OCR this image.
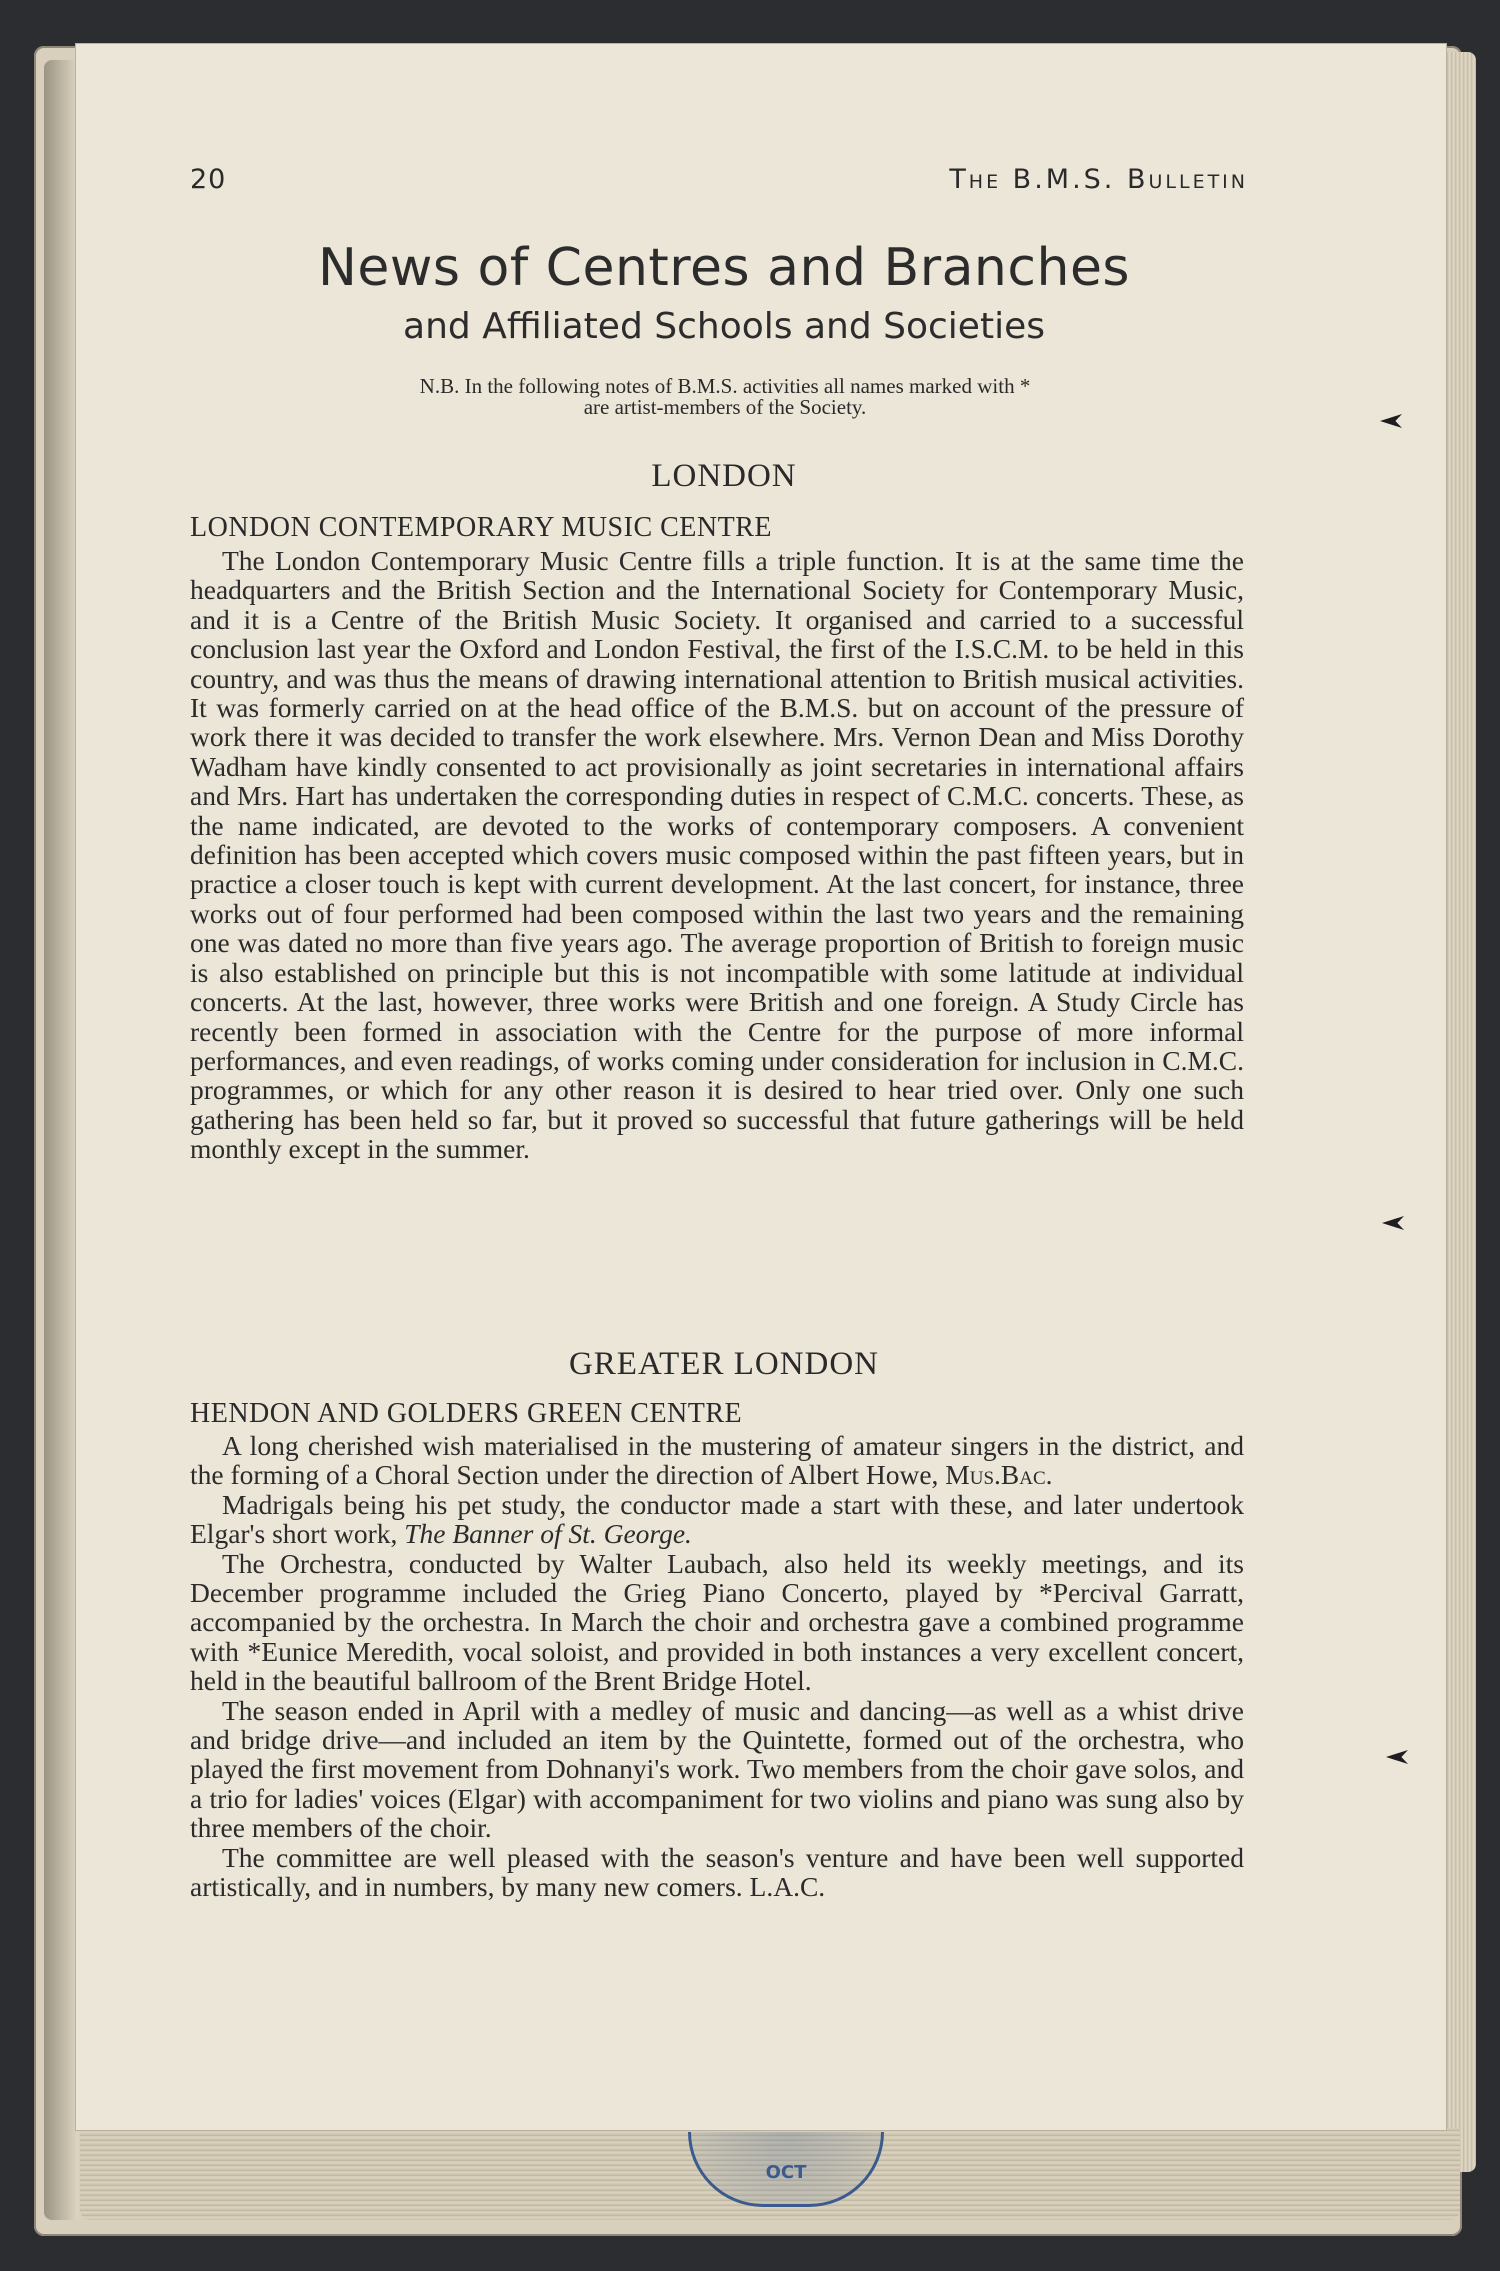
OCT
20	The B.M.S. Bulletin
News of Centres and Branches
and Affiliated Schools and Societies
N.B. In the following notes of B.M.S. activities all names marked with *
are artist-members of the Society.
LONDON
LONDON CONTEMPORARY MUSIC CENTRE

The London Contemporary Music Centre fills a triple function. It is at the same time the headquarters and the British Section and the International Society for Contemporary Music, and it is a Centre of the British Music Society. It organised and carried to a successful conclusion last year the Oxford and London Festival, the first of the I.S.C.M. to be held in this country, and was thus the means of drawing international attention to British musical activities. It was formerly carried on at the head office of the B.M.S. but on account of the pressure of work there it was decided to transfer the work elsewhere. Mrs. Vernon Dean and Miss Dorothy Wadham have kindly consented to act provisionally as joint secretaries in international affairs and Mrs. Hart has undertaken the corresponding duties in respect of C.M.C. concerts. These, as the name indicated, are devoted to the works of contemporary composers. A convenient definition has been accepted which covers music composed within the past fifteen years, but in practice a closer touch is kept with current development. At the last concert, for instance, three works out of four performed had been composed within the last two years and the remaining one was dated no more than five years ago. The average proportion of British to foreign music is also established on principle but this is not incompatible with some latitude at individual concerts. At the last, however, three works were British and one foreign. A Study Circle has recently been formed in association with the Centre for the purpose of more informal performances, and even readings, of works coming under consideration for inclusion in C.M.C. programmes, or which for any other reason it is desired to hear tried over. Only one such gathering has been held so far, but it proved so successful that future gatherings will be held monthly except in the summer.

GREATER LONDON
HENDON AND GOLDERS GREEN CENTRE

A long cherished wish materialised in the mustering of amateur singers in the district, and the forming of a Choral Section under the direction of Albert Howe, Mus.Bac.

Madrigals being his pet study, the conductor made a start with these, and later undertook Elgar's short work, The Banner of St. George.

The Orchestra, conducted by Walter Laubach, also held its weekly meetings, and its December programme included the Grieg Piano Concerto, played by *Percival Garratt, accompanied by the orchestra. In March the choir and orchestra gave a combined programme with *Eunice Meredith, vocal soloist, and provided in both instances a very excellent concert, held in the beautiful ballroom of the Brent Bridge Hotel.

The season ended in April with a medley of music and dancing—as well as a whist drive and bridge drive—and included an item by the Quintette, formed out of the orchestra, who played the first movement from Dohnanyi's work. Two members from the choir gave solos, and a trio for ladies' voices (Elgar) with accompaniment for two violins and piano was sung also by three members of the choir.

The committee are well pleased with the season's venture and have been well supported artistically, and in numbers, by many new comers. L.A.C.
